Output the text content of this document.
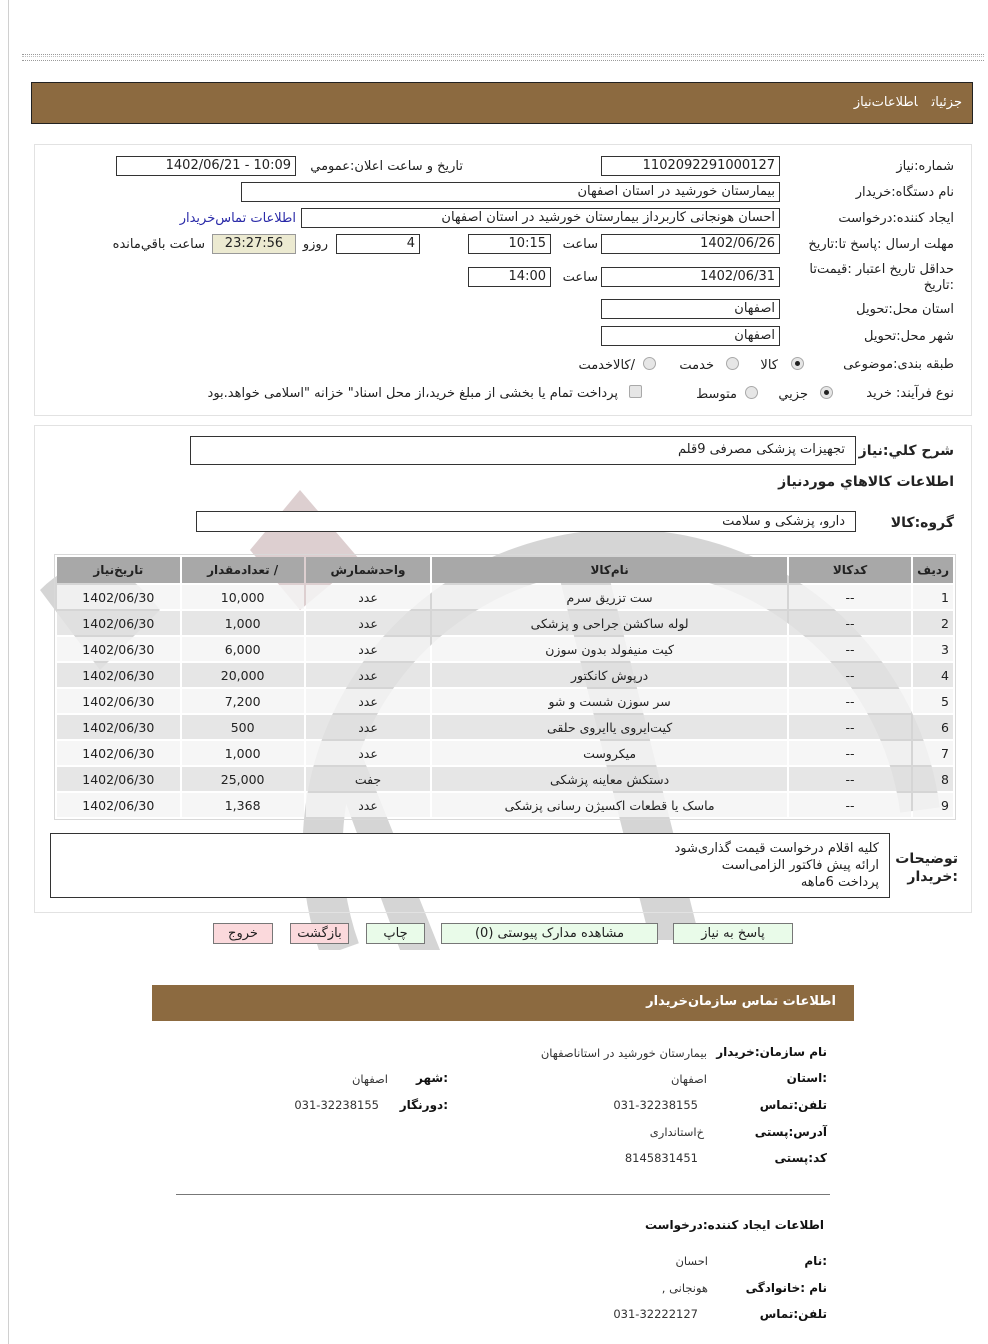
جزئیاتاطلاعات‌نیاز
شماره:نیاز
1102092291000127
تاریخ و ساعت اعلان:عمومي
1402/06/21 - 10:09
نام دستگاه:خریدار
بیمارستان خورشید در استان اصفهان
ایجاد کننده:درخواست
احسان هونجانی کاربرداز بیمارستان خورشید در استان اصفهان
اطلاعات تماس‌خریدار
مهلت ارسال :پاسخ تا:تاریخ
1402/06/26
ساعت
10:15
4
روزو
23:27:56
ساعت باقي‌مانده
حداقل تاریخ اعتبار :قیمت‌تا
:تاریخ
1402/06/31
ساعت
14:00
استان محل:تحویل
اصفهان
شهر محل:تحویل
اصفهان
طبقه بندی:موضوعی
کالا
خدمت
/کالاخدمت
نوع فرآیند: خرید
جزيي
متوسط
پرداخت تمام یا بخشی از مبلغ خرید،از محل اسناد" خزانه "اسلامی خواهد.بود
شرح کلي:نیاز
تجهیزات پزشکی مصرفی 9قلم
اطلاعات کالاهاي مورد‌نیاز
گروه:کالا
دارو، پزشکی و سلامت
ردیف	کدکالا	نام‌کالا	واحدشمارش	/ تعداد‌مقدار	تاریخ‌نیاز
1	--	ست تزریق سرم	عدد	10,000	1402/06/30
2	--	لوله ساکشن جراحی و پزشکی	عدد	1,000	1402/06/30
3	--	کیت منیفولد بدون سوزن	عدد	6,000	1402/06/30
4	--	درپوش کانکتور	عدد	20,000	1402/06/30
5	--	سر سوزن شست و شو	عدد	7,200	1402/06/30
6	--	کیت‌ایروی یاایروی حلقی	عدد	500	1402/06/30
7	--	میکروست	عدد	1,000	1402/06/30
8	--	دستکش معاینه پزشکی	جفت	25,000	1402/06/30
9	--	ماسک یا قطعات اکسیژن رسانی پزشکی	عدد	1,368	1402/06/30
توضیحات
:خریدار
کلیه اقلام درخواست قیمت گذاری‌شود
ارائه پیش فاکتور الزامی‌است
پرداخت 6ماهه
پاسخ به نیاز
مشاهده مدارک پیوستی (0)
چاپ
بازگشت
خروج
اطلاعات تماس سازمان‌خریدار
نام سازمان:خریدار
بیمارستان خورشید در استاناصفهان
:استان
اصفهان
:شهر
اصفهان
تلفن:تماس
031-32238155
:دورنگار
031-32238155
آدرس:پستی
خ‌استانداری
کد:پستی
8145831451
اطلاعات ایجاد کننده:درخواست
:نام
احسان
نام :خانوادگی
هونجانی ,
تلفن:تماس
031-32222127
